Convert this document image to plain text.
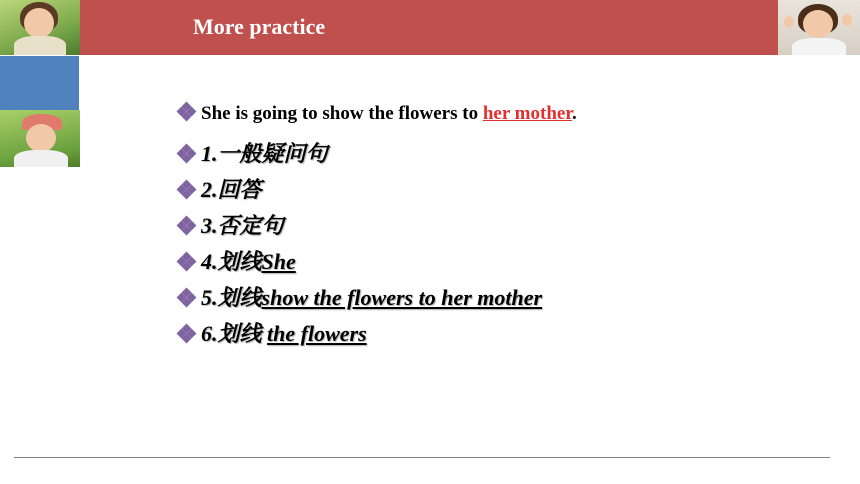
More practice
She is going to show the flowers to her mother.
1.一般疑问句
2.回答
3.否定句
4.划线She
5.划线show the flowers to her mother
6.划线 the flowers
